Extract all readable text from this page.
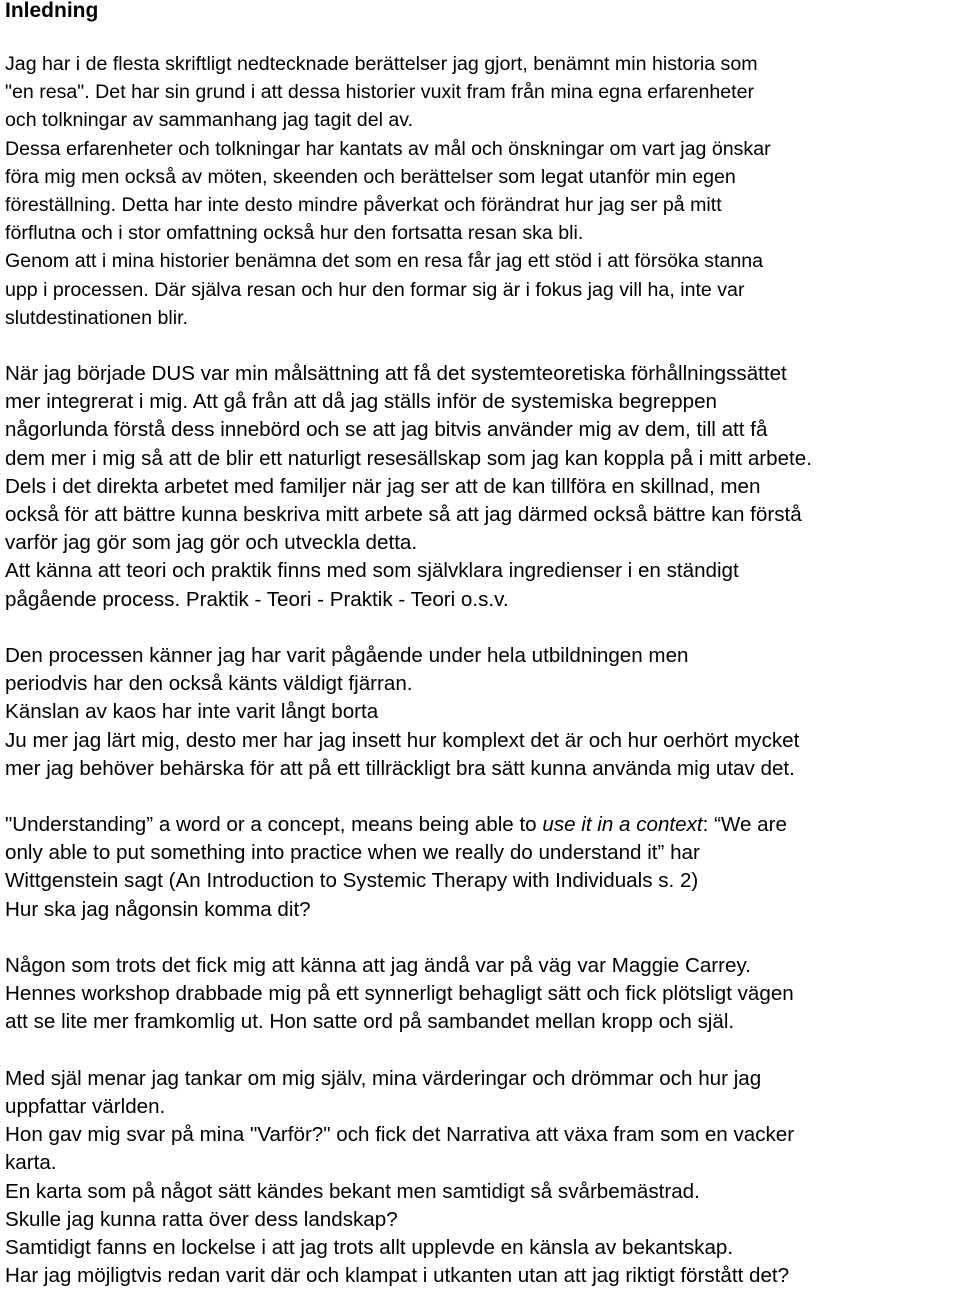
Inledning
Jag har i de flesta skriftligt nedtecknade berättelser jag gjort, benämnt min historia som
"en resa". Det har sin grund i att dessa historier vuxit fram från mina egna erfarenheter
och tolkningar av sammanhang jag tagit del av.
Dessa erfarenheter och tolkningar har kantats av mål och önskningar om vart jag önskar
föra mig men också av möten, skeenden och berättelser som legat utanför min egen
föreställning. Detta har inte desto mindre påverkat och förändrat hur jag ser på mitt
förflutna och i stor omfattning också hur den fortsatta resan ska bli.
Genom att i mina historier benämna det som en resa får jag ett stöd i att försöka stanna
upp i processen. Där själva resan och hur den formar sig är i fokus jag vill ha, inte var
slutdestinationen blir.
När jag började DUS var min målsättning att få det systemteoretiska förhållningssättet
mer integrerat i mig. Att gå från att då jag ställs inför de systemiska begreppen
någorlunda förstå dess innebörd och se att jag bitvis använder mig av dem, till att få
dem mer i mig så att de blir ett naturligt resesällskap som jag kan koppla på i mitt arbete.
Dels i det direkta arbetet med familjer när jag ser att de kan tillföra en skillnad, men
också för att bättre kunna beskriva mitt arbete så att jag därmed också bättre kan förstå
varför jag gör som jag gör och utveckla detta.
Att känna att teori och praktik finns med som självklara ingredienser i en ständigt
pågående process. Praktik - Teori - Praktik - Teori o.s.v.
Den processen känner jag har varit pågående under hela utbildningen men
periodvis har den också känts väldigt fjärran.
Känslan av kaos har inte varit långt borta
Ju mer jag lärt mig, desto mer har jag insett hur komplext det är och hur oerhört mycket
mer jag behöver behärska för att på ett tillräckligt bra sätt kunna använda mig utav det.
"Understanding” a word or a concept, means being able to use it in a context: “We are
only able to put something into practice when we really do understand it” har
Wittgenstein sagt (An Introduction to Systemic Therapy with Individuals s. 2)
Hur ska jag någonsin komma dit?
Någon som trots det fick mig att känna att jag ändå var på väg var Maggie Carrey.
Hennes workshop drabbade mig på ett synnerligt behagligt sätt och fick plötsligt vägen
att se lite mer framkomlig ut. Hon satte ord på sambandet mellan kropp och själ.
Med själ menar jag tankar om mig själv, mina värderingar och drömmar och hur jag
uppfattar världen.
Hon gav mig svar på mina "Varför?" och fick det Narrativa att växa fram som en vacker
karta.
En karta som på något sätt kändes bekant men samtidigt så svårbemästrad.
Skulle jag kunna ratta över dess landskap?
Samtidigt fanns en lockelse i att jag trots allt upplevde en känsla av bekantskap.
Har jag möjligtvis redan varit där och klampat i utkanten utan att jag riktigt förstått det?
